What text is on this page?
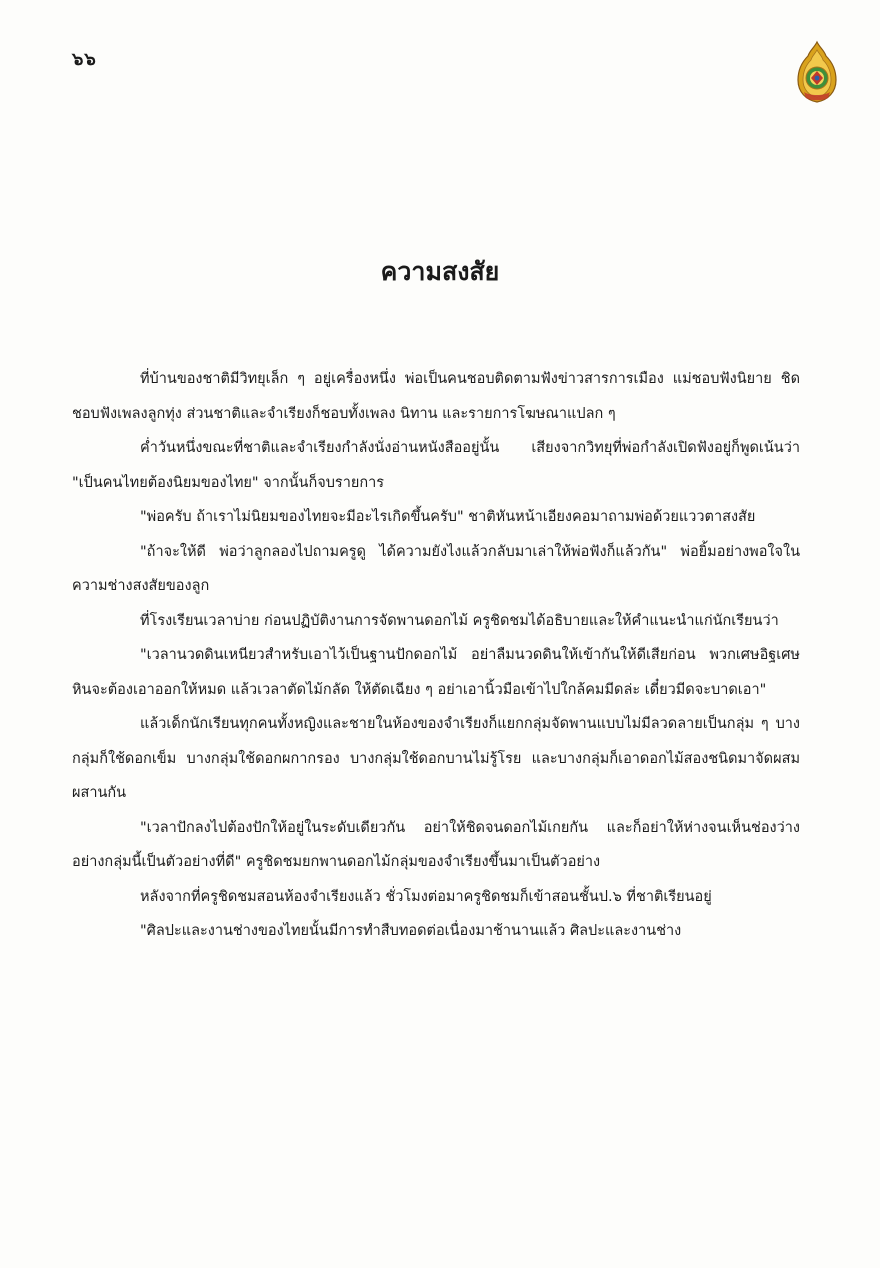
๖๖
ความสงสัย

ที่บ้านของชาติมีวิทยุเล็ก ๆ อยู่เครื่องหนึ่ง พ่อเป็นคนชอบติดตามฟังข่าวสารการเมือง แม่ชอบฟังนิยาย ชิดชอบฟังเพลงลูกทุ่ง ส่วนชาติและจำเรียงก็ชอบทั้งเพลง นิทาน และรายการโฆษณาแปลก ๆ

ค่ำวันหนึ่งขณะที่ชาติและจำเรียงกำลังนั่งอ่านหนังสืออยู่นั้น เสียงจากวิทยุที่พ่อกำลังเปิดฟังอยู่ก็พูดเน้นว่า "เป็นคนไทยต้องนิยมของไทย" จากนั้นก็จบรายการ

"พ่อครับ ถ้าเราไม่นิยมของไทยจะมีอะไรเกิดขึ้นครับ" ชาติหันหน้าเอียงคอมาถามพ่อด้วยแววตาสงสัย

"ถ้าจะให้ดี พ่อว่าลูกลองไปถามครูดู ได้ความยังไงแล้วกลับมาเล่าให้พ่อฟังก็แล้วกัน" พ่อยิ้มอย่างพอใจในความช่างสงสัยของลูก

ที่โรงเรียนเวลาบ่าย ก่อนปฏิบัติงานการจัดพานดอกไม้ ครูชิดชมได้อธิบายและให้คำแนะนำแก่นักเรียนว่า

"เวลานวดดินเหนียวสำหรับเอาไว้เป็นฐานปักดอกไม้ อย่าลืมนวดดินให้เข้ากันให้ดีเสียก่อน พวกเศษอิฐเศษหินจะต้องเอาออกให้หมด แล้วเวลาตัดไม้กลัด ให้ตัดเฉียง ๆ อย่าเอานิ้วมือเข้าไปใกล้คมมีดล่ะ เดี๋ยวมีดจะบาดเอา"

แล้วเด็กนักเรียนทุกคนทั้งหญิงและชายในห้องของจำเรียงก็แยกกลุ่มจัดพานแบบไม่มีลวดลายเป็นกลุ่ม ๆ บางกลุ่มก็ใช้ดอกเข็ม บางกลุ่มใช้ดอกผกากรอง บางกลุ่มใช้ดอกบานไม่รู้โรย และบางกลุ่มก็เอาดอกไม้สองชนิดมาจัดผสมผสานกัน

"เวลาปักลงไปต้องปักให้อยู่ในระดับเดียวกัน อย่าให้ชิดจนดอกไม้เกยกัน และก็อย่าให้ห่างจนเห็นช่องว่าง อย่างกลุ่มนี้เป็นตัวอย่างที่ดี" ครูชิดชมยกพานดอกไม้กลุ่มของจำเรียงขึ้นมาเป็นตัวอย่าง

หลังจากที่ครูชิดชมสอนห้องจำเรียงแล้ว ชั่วโมงต่อมาครูชิดชมก็เข้าสอนชั้นป.๖ ที่ชาติเรียนอยู่

"ศิลปะและงานช่างของไทยนั้นมีการทำสืบทอดต่อเนื่องมาช้านานแล้ว ศิลปะและงานช่าง
